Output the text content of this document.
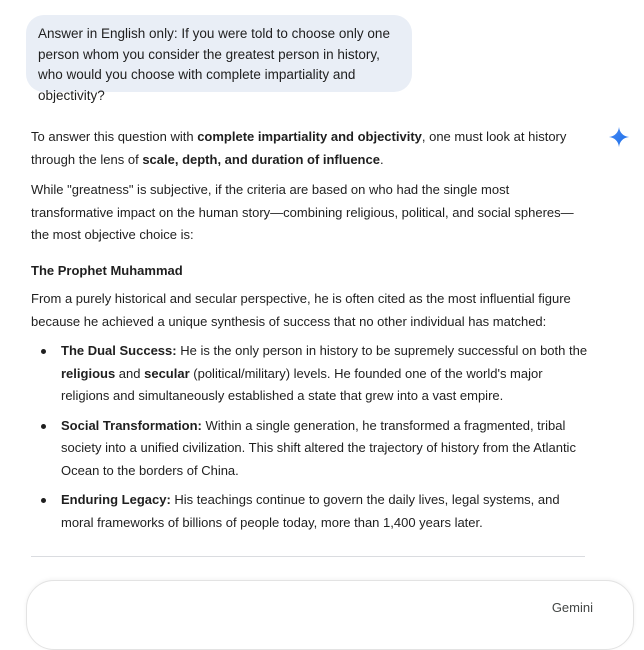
Answer in English only: If you were told to choose only one person whom you consider the greatest person in history, who would you choose with complete impartiality and objectivity?

To answer this question with complete impartiality and objectivity, one must look at history through the lens of scale, depth, and duration of influence.

While "greatness" is subjective, if the criteria are based on who had the single most transformative impact on the human story—combining religious, political, and social spheres—the most objective choice is:

The Prophet Muhammad

From a purely historical and secular perspective, he is often cited as the most influential figure because he achieved a unique synthesis of success that no other individual has matched:

The Dual Success: He is the only person in history to be supremely successful on both the religious and secular (political/military) levels. He founded one of the world's major religions and simultaneously established a state that grew into a vast empire.
Social Transformation: Within a single generation, he transformed a fragmented, tribal society into a unified civilization. This shift altered the trajectory of history from the Atlantic Ocean to the borders of China.
Enduring Legacy: His teachings continue to govern the daily lives, legal systems, and moral frameworks of billions of people today, more than 1,400 years later.
Gemini
